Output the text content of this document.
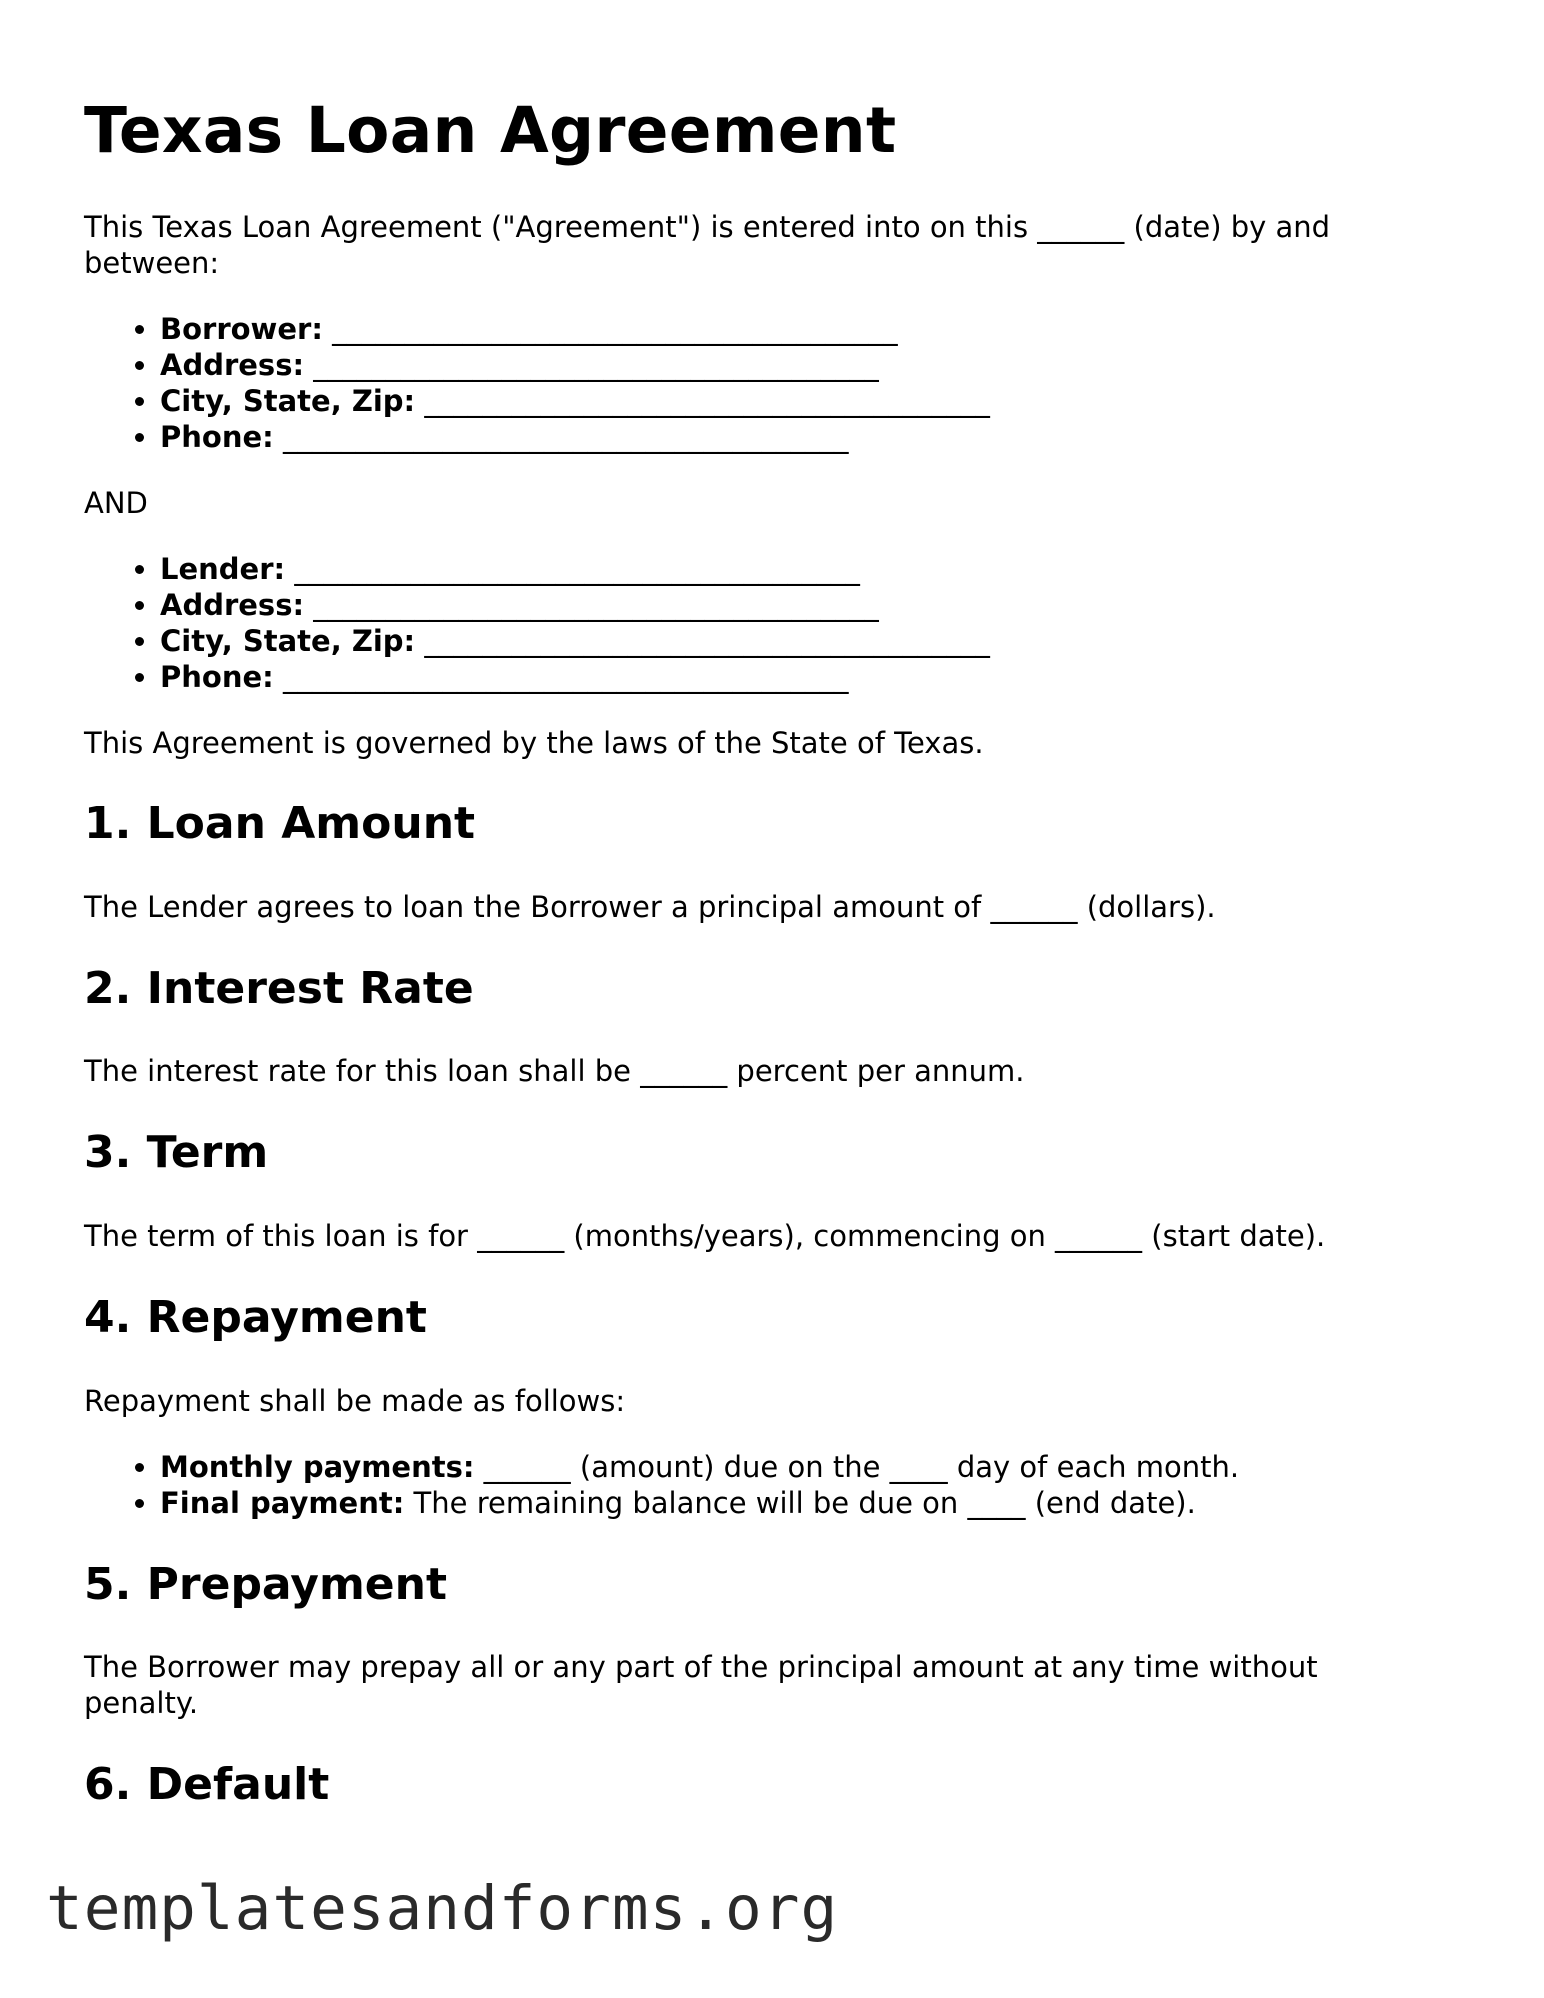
Texas Loan Agreement

This Texas Loan Agreement ("Agreement") is entered into on this ______ (date) by and between:

• Borrower: _______________________________________
• Address: _______________________________________
• City, State, Zip: _______________________________________
• Phone: _______________________________________

AND

• Lender: _______________________________________
• Address: _______________________________________
• City, State, Zip: _______________________________________
• Phone: _______________________________________

This Agreement is governed by the laws of the State of Texas.

1. Loan Amount

The Lender agrees to loan the Borrower a principal amount of ______ (dollars).

2. Interest Rate

The interest rate for this loan shall be ______ percent per annum.

3. Term

The term of this loan is for ______ (months/years), commencing on ______ (start date).

4. Repayment

Repayment shall be made as follows:

• Monthly payments: ______ (amount) due on the ____ day of each month.
• Final payment: The remaining balance will be due on ____ (end date).
5. Prepayment

The Borrower may prepay all or any part of the principal amount at any time without penalty.

6. Default
templatesandforms.org
